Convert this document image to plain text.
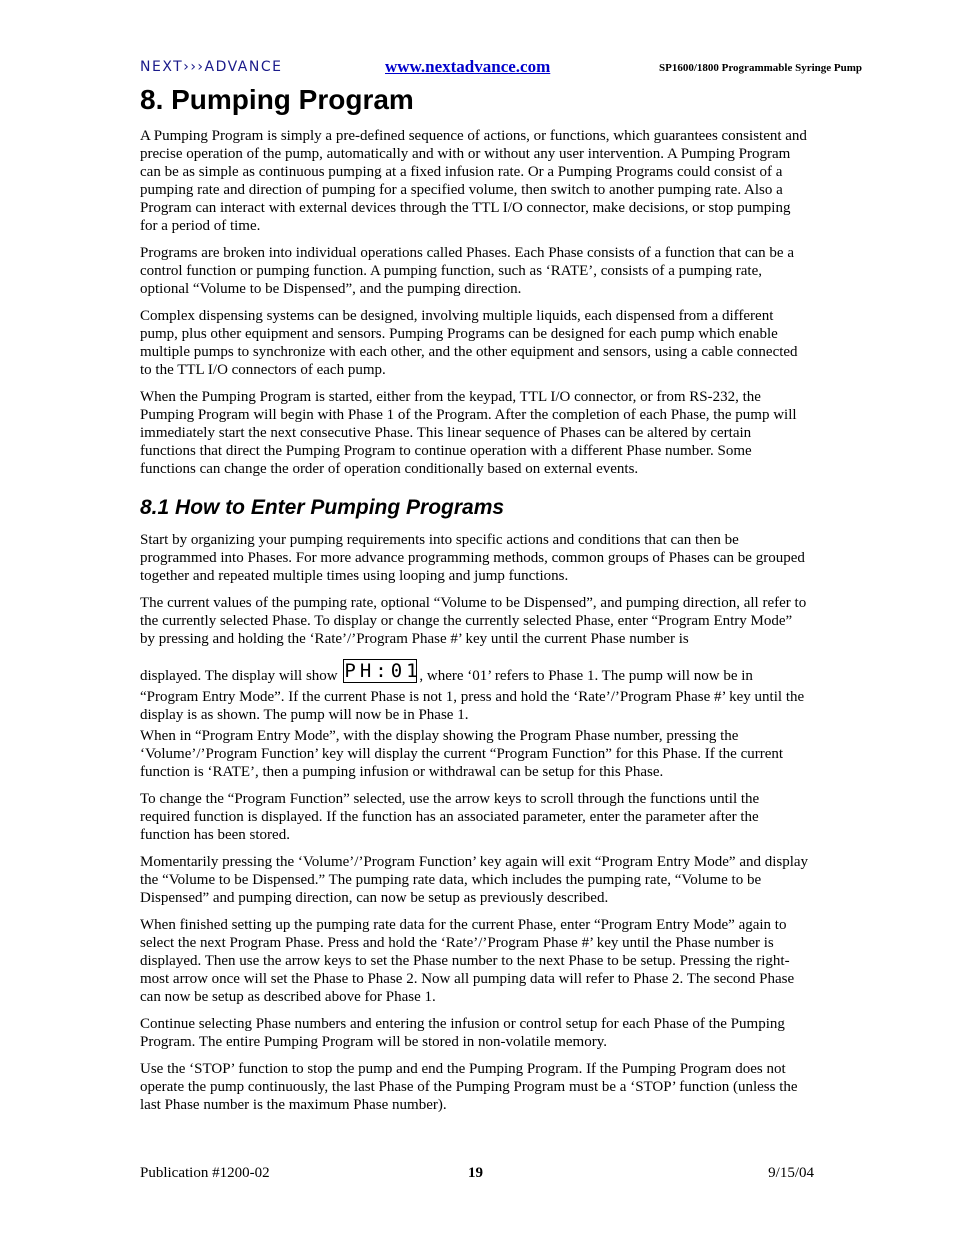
NEXT›››ADVANCE	www.nextadvance.com	SP1600/1800 Programmable Syringe Pump
8. Pumping Program

A Pumping Program is simply a pre-defined sequence of actions, or functions, which guarantees consistent and precise operation of the pump, automatically and with or without any user intervention. A Pumping Program can be as simple as continuous pumping at a fixed infusion rate. Or a Pumping Programs could consist of a pumping rate and direction of pumping for a specified volume, then switch to another pumping rate. Also a Program can interact with external devices through the TTL I/O connector, make decisions, or stop pumping for a period of time.

Programs are broken into individual operations called Phases. Each Phase consists of a function that can be a control function or pumping function. A pumping function, such as ‘RATE’, consists of a pumping rate, optional “Volume to be Dispensed”, and the pumping direction.

Complex dispensing systems can be designed, involving multiple liquids, each dispensed from a different pump, plus other equipment and sensors. Pumping Programs can be designed for each pump which enable multiple pumps to synchronize with each other, and the other equipment and sensors, using a cable connected to the TTL I/O connectors of each pump.

When the Pumping Program is started, either from the keypad, TTL I/O connector, or from RS-232, the Pumping Program will begin with Phase 1 of the Program. After the completion of each Phase, the pump will immediately start the next consecutive Phase. This linear sequence of Phases can be altered by certain functions that direct the Pumping Program to continue operation with a different Phase number. Some functions can change the order of operation conditionally based on external events.

8.1 How to Enter Pumping Programs

Start by organizing your pumping requirements into specific actions and conditions that can then be programmed into Phases. For more advance programming methods, common groups of Phases can be grouped together and repeated multiple times using looping and jump functions.

The current values of the pumping rate, optional “Volume to be Dispensed”, and pumping direction, all refer to the currently selected Phase. To display or change the currently selected Phase, enter “Program Entry Mode” by pressing and holding the ‘Rate’/’Program Phase #’ key until the current Phase number is

displayed. The display will show PH:01, where ‘01’ refers to Phase 1. The pump will now be in “Program Entry Mode”. If the current Phase is not 1, press and hold the ‘Rate’/’Program Phase #’ key until the display is as shown. The pump will now be in Phase 1.

When in “Program Entry Mode”, with the display showing the Program Phase number, pressing the ‘Volume’/’Program Function’ key will display the current “Program Function” for this Phase. If the current function is ‘RATE’, then a pumping infusion or withdrawal can be setup for this Phase.

To change the “Program Function” selected, use the arrow keys to scroll through the functions until the required function is displayed. If the function has an associated parameter, enter the parameter after the function has been stored.

Momentarily pressing the ‘Volume’/’Program Function’ key again will exit “Program Entry Mode” and display the “Volume to be Dispensed.” The pumping rate data, which includes the pumping rate, “Volume to be Dispensed” and pumping direction, can now be setup as previously described.

When finished setting up the pumping rate data for the current Phase, enter “Program Entry Mode” again to select the next Program Phase. Press and hold the ‘Rate’/’Program Phase #’ key until the Phase number is displayed. Then use the arrow keys to set the Phase number to the next Phase to be setup. Pressing the right-most arrow once will set the Phase to Phase 2. Now all pumping data will refer to Phase 2. The second Phase can now be setup as described above for Phase 1.

Continue selecting Phase numbers and entering the infusion or control setup for each Phase of the Pumping Program. The entire Pumping Program will be stored in non-volatile memory.

Use the ‘STOP’ function to stop the pump and end the Pumping Program. If the Pumping Program does not operate the pump continuously, the last Phase of the Pumping Program must be a ‘STOP’ function (unless the last Phase number is the maximum Phase number).

Publication #1200-02	19	9/15/04
